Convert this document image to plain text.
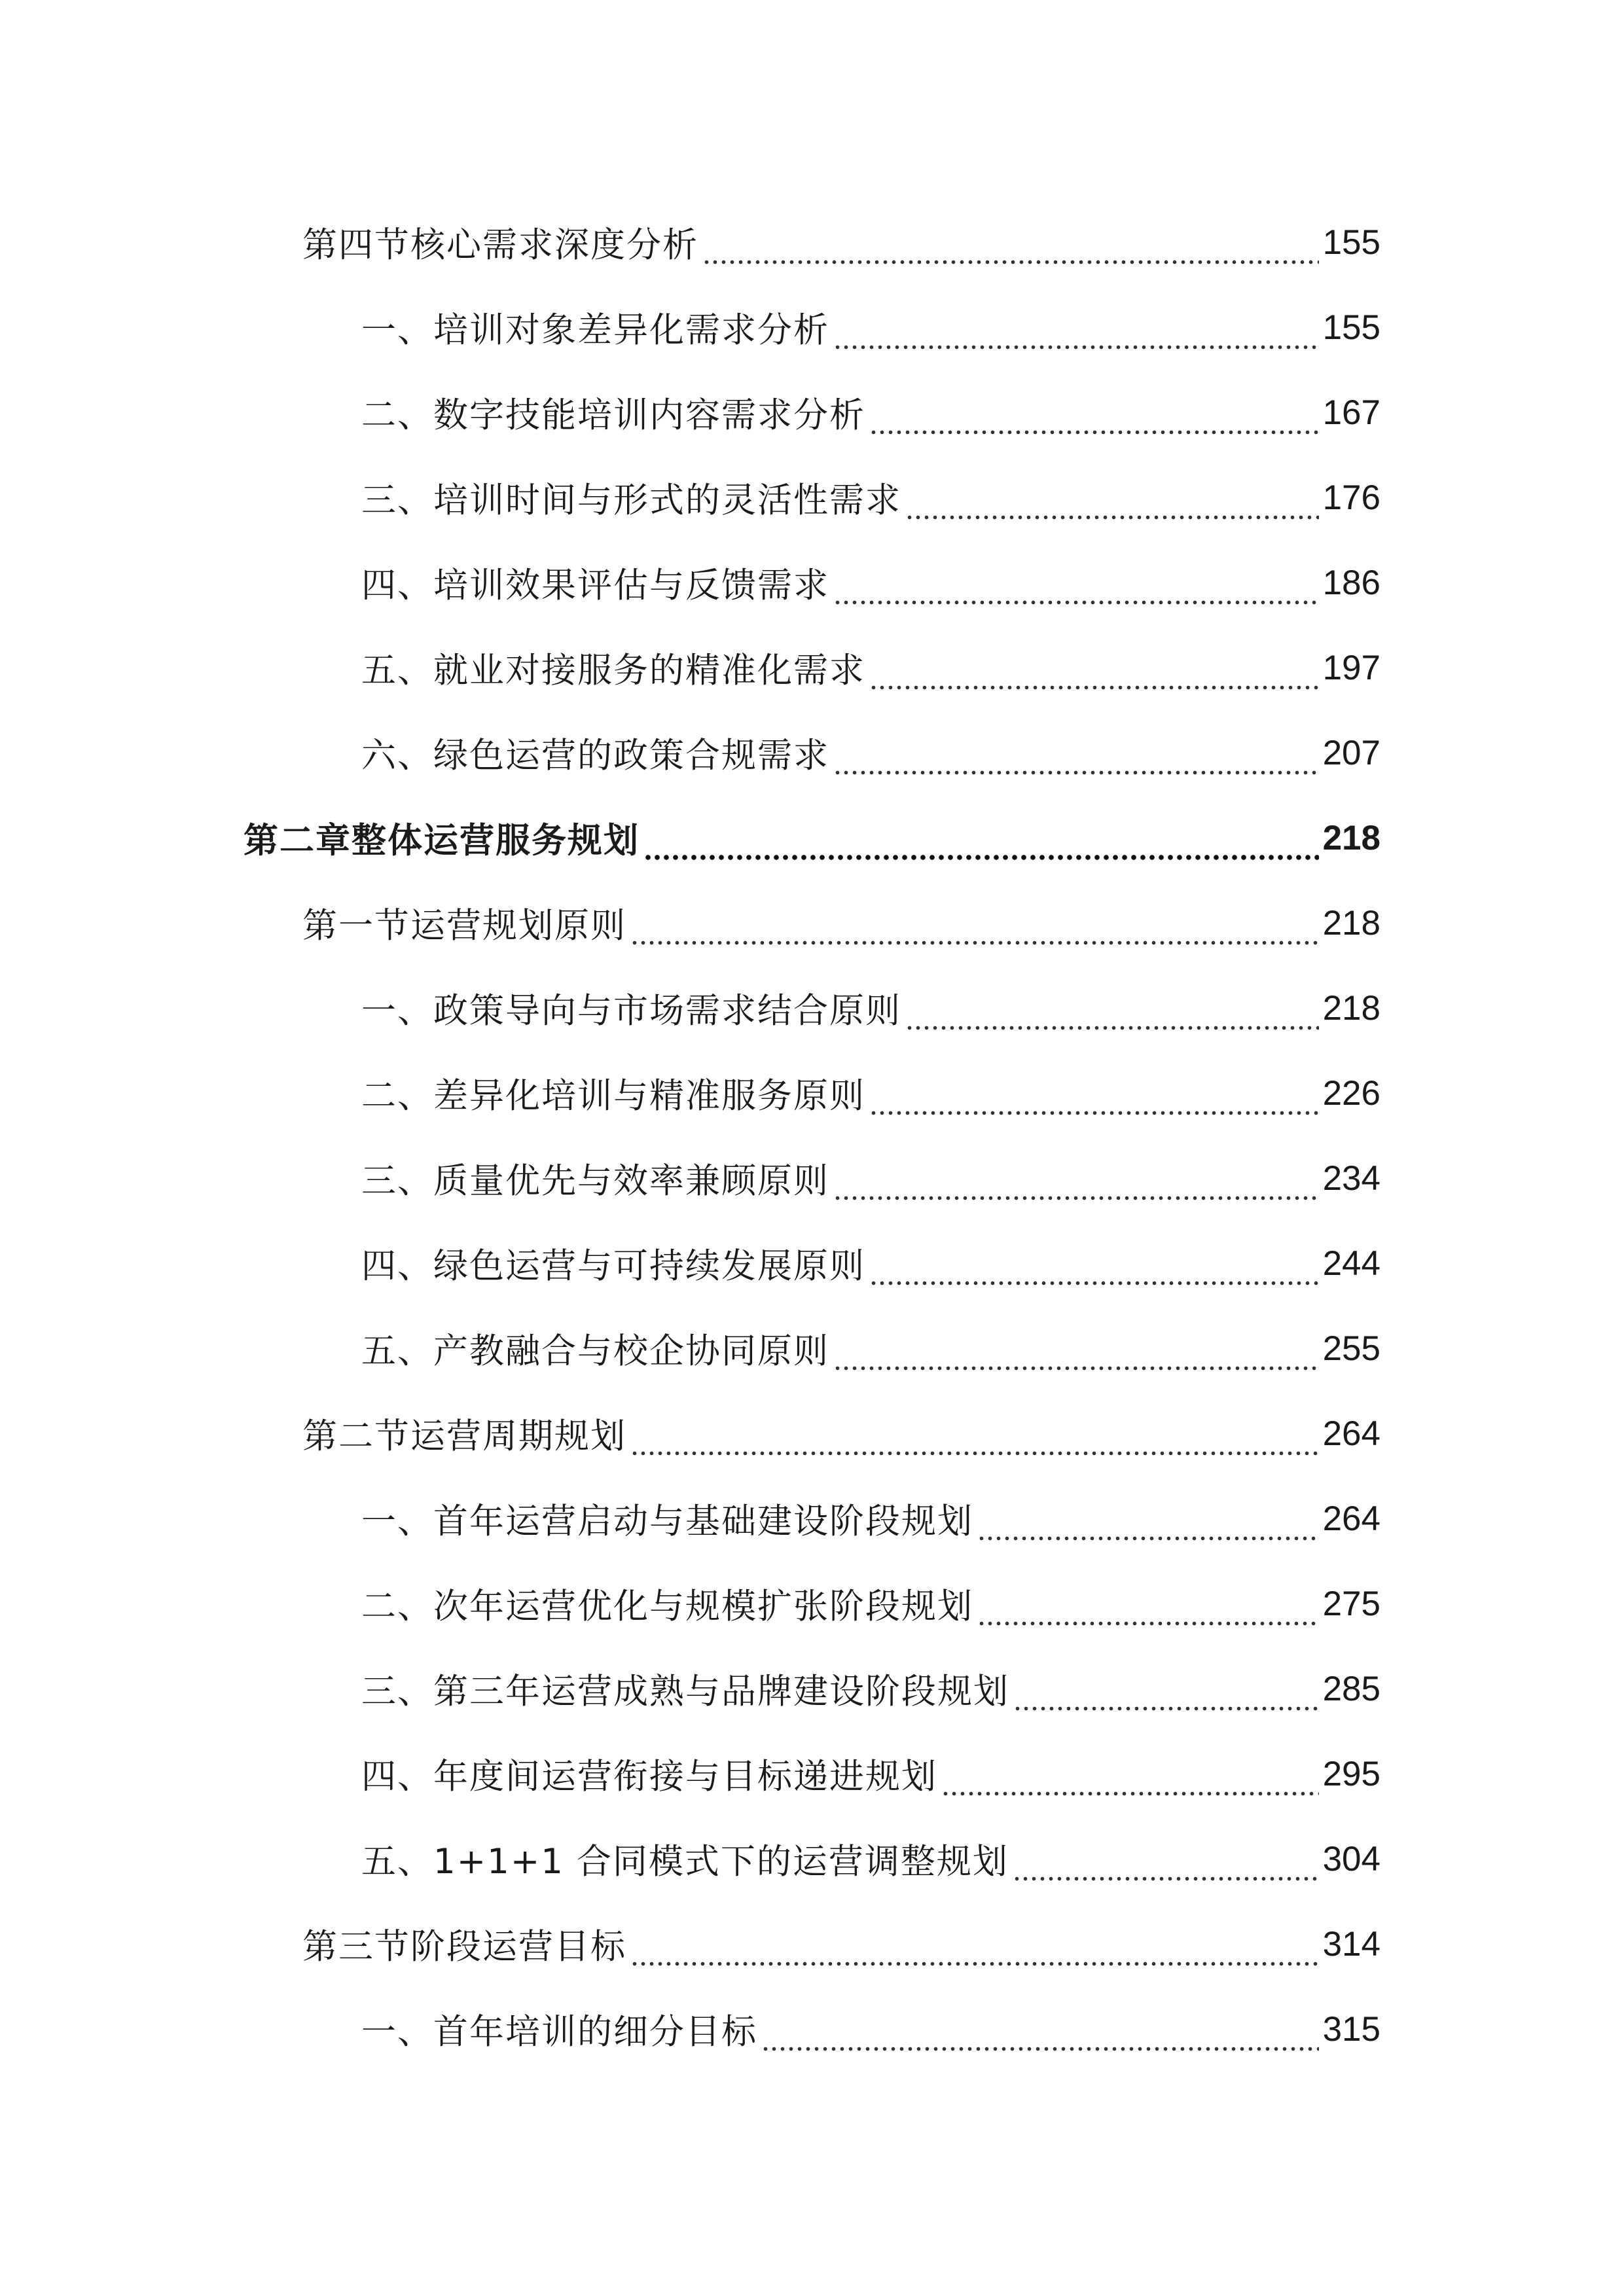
第四节核心需求深度分析	155
一、培训对象差异化需求分析	155
二、数字技能培训内容需求分析	167
三、培训时间与形式的灵活性需求	176
四、培训效果评估与反馈需求	186
五、就业对接服务的精准化需求	197
六、绿色运营的政策合规需求	207
第二章整体运营服务规划	218
第一节运营规划原则	218
一、政策导向与市场需求结合原则	218
二、差异化培训与精准服务原则	226
三、质量优先与效率兼顾原则	234
四、绿色运营与可持续发展原则	244
五、产教融合与校企协同原则	255
第二节运营周期规划	264
一、首年运营启动与基础建设阶段规划	264
二、次年运营优化与规模扩张阶段规划	275
三、第三年运营成熟与品牌建设阶段规划	285
四、年度间运营衔接与目标递进规划	295
五、1+1+1 合同模式下的运营调整规划	304
第三节阶段运营目标	314
一、首年培训的细分目标	315
